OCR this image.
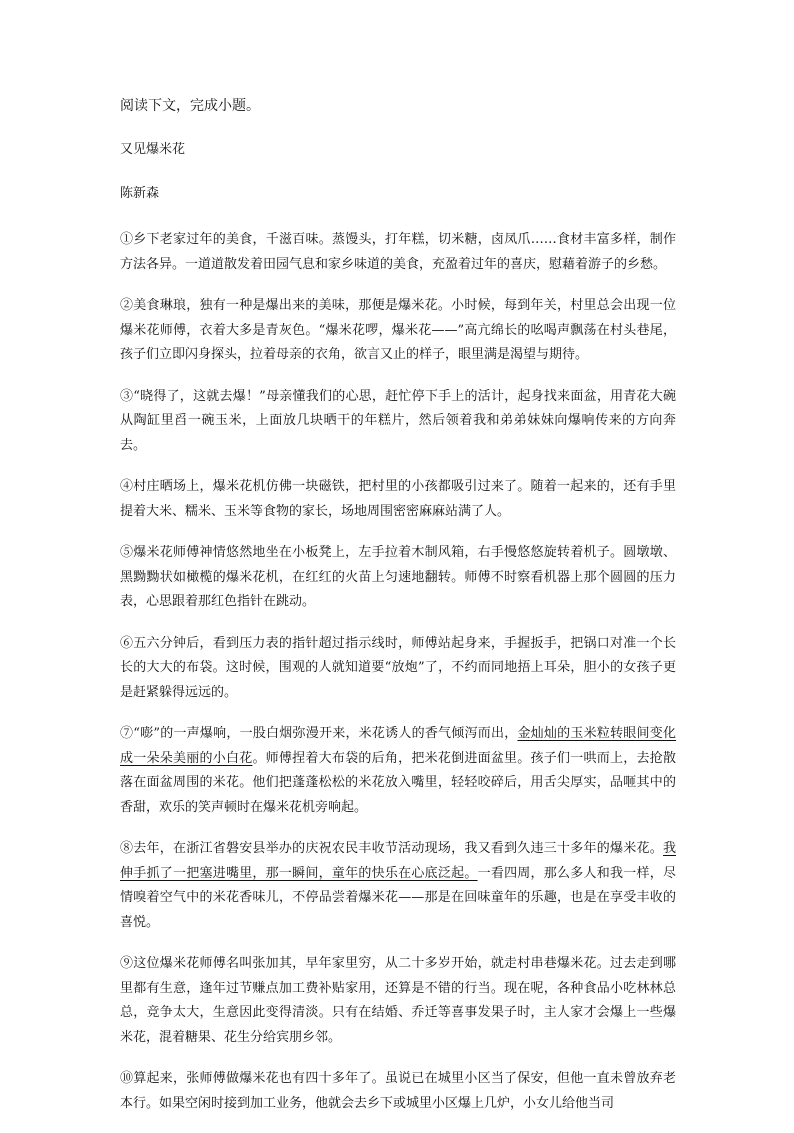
阅读下文，完成小题。

又见爆米花

陈新森

①乡下老家过年的美食，千滋百味。蒸馒头，打年糕，切米糖，卤凤爪……食材丰富多样，制作方法各异。一道道散发着田园气息和家乡味道的美食，充盈着过年的喜庆，慰藉着游子的乡愁。

②美食琳琅，独有一种是爆出来的美味，那便是爆米花。小时候，每到年关，村里总会出现一位爆米花师傅，衣着大多是青灰色。“爆米花啰，爆米花——”高亢绵长的吆喝声飘荡在村头巷尾，孩子们立即闪身探头，拉着母亲的衣角，欲言又止的样子，眼里满是渴望与期待。

③“晓得了，这就去爆！”母亲懂我们的心思，赶忙停下手上的活计，起身找来面盆，用青花大碗从陶缸里舀一碗玉米，上面放几块晒干的年糕片，然后领着我和弟弟妹妹向爆响传来的方向奔去。

④村庄晒场上，爆米花机仿佛一块磁铁，把村里的小孩都吸引过来了。随着一起来的，还有手里提着大米、糯米、玉米等食物的家长，场地周围密密麻麻站满了人。

⑤爆米花师傅神情悠然地坐在小板凳上，左手拉着木制风箱，右手慢悠悠旋转着机子。圆墩墩、黑黝黝状如橄榄的爆米花机，在红红的火苗上匀速地翻转。师傅不时察看机器上那个圆圆的压力表，心思跟着那红色指针在跳动。

⑥五六分钟后，看到压力表的指针超过指示线时，师傅站起身来，手握扳手，把锅口对准一个长长的大大的布袋。这时候，围观的人就知道要“放炮”了，不约而同地捂上耳朵，胆小的女孩子更是赶紧躲得远远的。

⑦“嘭”的一声爆响，一股白烟弥漫开来，米花诱人的香气倾泻而出，金灿灿的玉米粒转眼间变化成一朵朵美丽的小白花。师傅捏着大布袋的后角，把米花倒进面盆里。孩子们一哄而上，去抢散落在面盆周围的米花。他们把蓬蓬松松的米花放入嘴里，轻轻咬碎后，用舌尖厚实，品咂其中的香甜，欢乐的笑声顿时在爆米花机旁响起。

⑧去年，在浙江省磐安县举办的庆祝农民丰收节活动现场，我又看到久违三十多年的爆米花。我伸手抓了一把塞进嘴里，那一瞬间，童年的快乐在心底泛起。一看四周，那么多人和我一样，尽情嗅着空气中的米花香味儿，不停品尝着爆米花——那是在回味童年的乐趣，也是在享受丰收的喜悦。

⑨这位爆米花师傅名叫张加其，早年家里穷，从二十多岁开始，就走村串巷爆米花。过去走到哪里都有生意，逢年过节赚点加工费补贴家用，还算是不错的行当。现在呢，各种食品小吃林林总总，竞争太大，生意因此变得清淡。只有在结婚、乔迁等喜事发果子时，主人家才会爆上一些爆米花，混着糖果、花生分给宾朋乡邻。

⑩算起来，张师傅做爆米花也有四十多年了。虽说已在城里小区当了保安，但他一直未曾放弃老本行。如果空闲时接到加工业务，他就会去乡下或城里小区爆上几炉，小女儿给他当司
